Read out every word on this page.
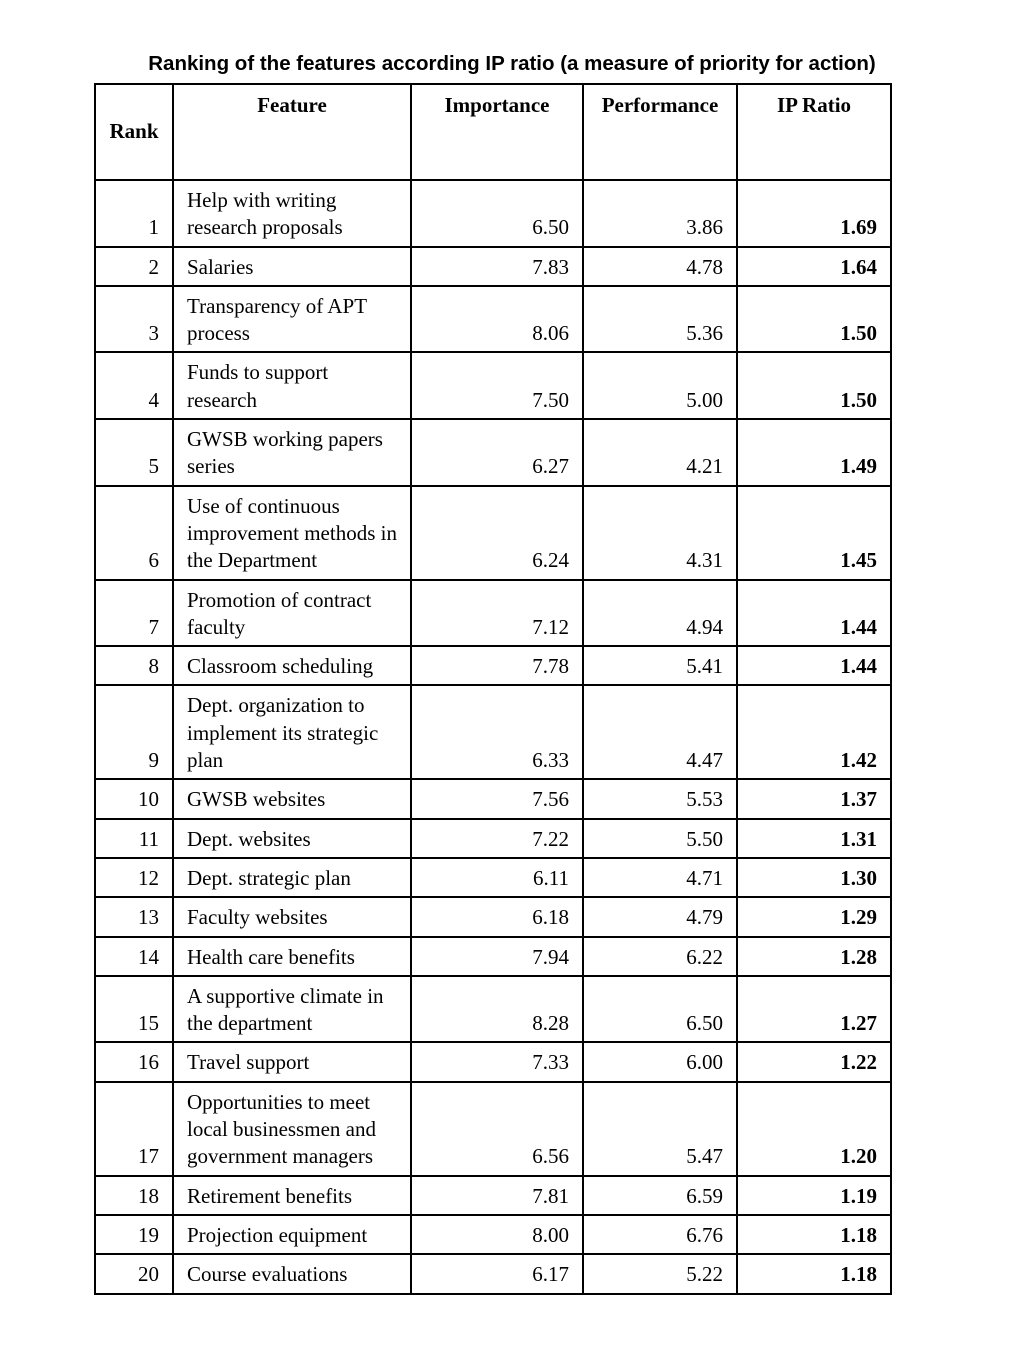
Ranking of the features according IP ratio (a measure of priority for action)
Rank	Feature	Importance	Performance	IP Ratio
1	Help with writing research proposals	6.50	3.86	1.69
2	Salaries	7.83	4.78	1.64
3	Transparency of APT process	8.06	5.36	1.50
4	Funds to support research	7.50	5.00	1.50
5	GWSB working papers series	6.27	4.21	1.49
6	Use of continuous improvement methods in the Department	6.24	4.31	1.45
7	Promotion of contract faculty	7.12	4.94	1.44
8	Classroom scheduling	7.78	5.41	1.44
9	Dept. organization to implement its strategic plan	6.33	4.47	1.42
10	GWSB websites	7.56	5.53	1.37
11	Dept. websites	7.22	5.50	1.31
12	Dept. strategic plan	6.11	4.71	1.30
13	Faculty websites	6.18	4.79	1.29
14	Health care benefits	7.94	6.22	1.28
15	A supportive climate in the department	8.28	6.50	1.27
16	Travel support	7.33	6.00	1.22
17	Opportunities to meet local businessmen and government managers	6.56	5.47	1.20
18	Retirement benefits	7.81	6.59	1.19
19	Projection equipment	8.00	6.76	1.18
20	Course evaluations	6.17	5.22	1.18
